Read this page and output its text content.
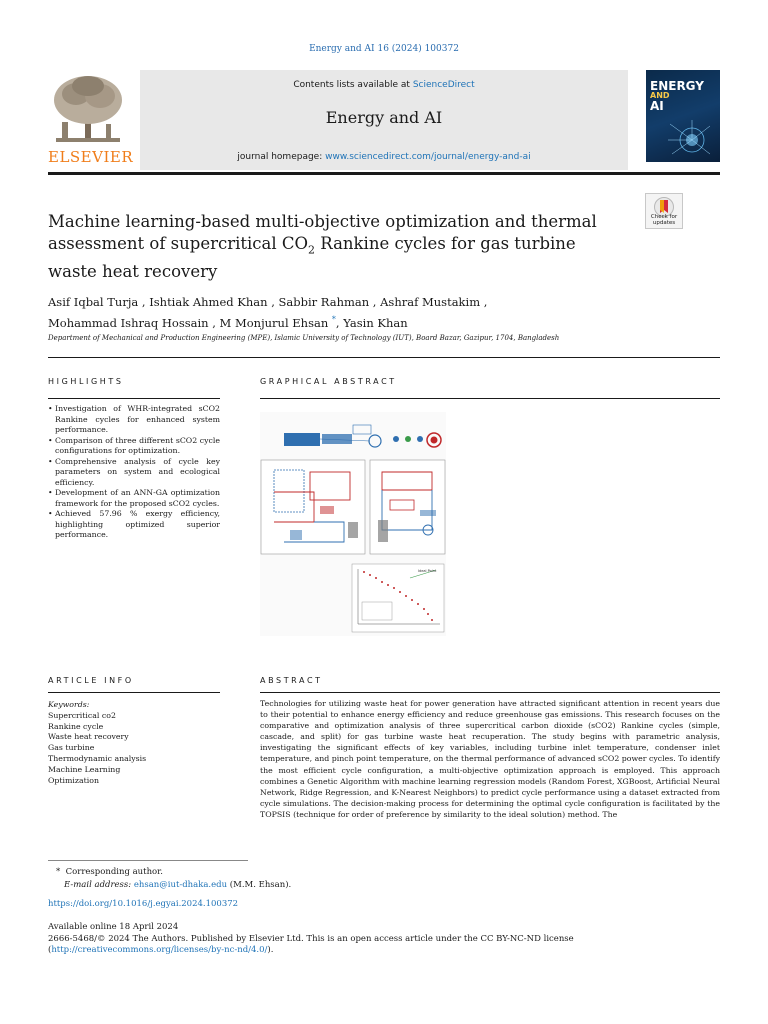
Energy and AI 16 (2024) 100372
ELSEVIER
Contents lists available at ScienceDirect
Energy and AI
journal homepage: www.sciencedirect.com/journal/energy-and-ai
ENERGY
AND
AI
Machine learning-based multi-objective optimization and thermal assessment of supercritical $CO_2$ Rankine cycles for gas turbine waste heat recovery
Check for
updates
Asif Iqbal Turja , Ishtiak Ahmed Khan , Sabbir Rahman , Ashraf Mustakim ,
Mohammad Ishraq Hossain , M Monjurul Ehsan *, Yasin Khan
Department of Mechanical and Production Engineering (MPE), Islamic University of Technology (IUT), Board Bazar, Gazipur, 1704, Bangladesh
HIGHLIGHTS	GRAPHICAL ABSTRACT
• Investigation of WHR-integrated sCO2 Rankine cycles for enhanced system performance.
• Comparison of three different sCO2 cycle configurations for optimization.
• Comprehensive analysis of cycle key parameters on system and ecological efficiency.
• Development of an ANN-GA optimization framework for the proposed sCO2 cycles.
• Achieved 57.96 % exergy efficiency, highlighting optimized superior performance.
Ideal Point
ARTICLE INFO	ABSTRACT
Keywords:
Supercritical co2
Rankine cycle
Waste heat recovery
Gas turbine
Thermodynamic analysis
Machine Learning
Optimization

Technologies for utilizing waste heat for power generation have attracted significant attention in recent years due to their potential to enhance energy efficiency and reduce greenhouse gas emissions. This research focuses on the comparative and optimization analysis of three supercritical carbon dioxide (sCO2) Rankine cycles (simple, cascade, and split) for gas turbine waste heat recuperation. The study begins with parametric analysis, investigating the significant effects of key variables, including turbine inlet temperature, condenser inlet temperature, and pinch point temperature, on the thermal performance of advanced sCO2 power cycles. To identify the most efficient cycle configuration, a multi-objective optimization approach is employed. This approach combines a Genetic Algorithm with machine learning regression models (Random Forest, XGBoost, Artificial Neural Network, Ridge Regression, and K-Nearest Neighbors) to predict cycle performance using a dataset extracted from cycle simulations. The decision-making process for determining the optimal cycle configuration is facilitated by the TOPSIS (technique for order of preference by similarity to the ideal solution) method. The

* Corresponding author.
E-mail address: ehsan@iut-dhaka.edu (M.M. Ehsan).
https://doi.org/10.1016/j.egyai.2024.100372
Available online 18 April 2024
2666-5468/© 2024 The Authors. Published by Elsevier Ltd. This is an open access article under the CC BY-NC-ND license (http://creativecommons.org/licenses/by-nc-nd/4.0/).
